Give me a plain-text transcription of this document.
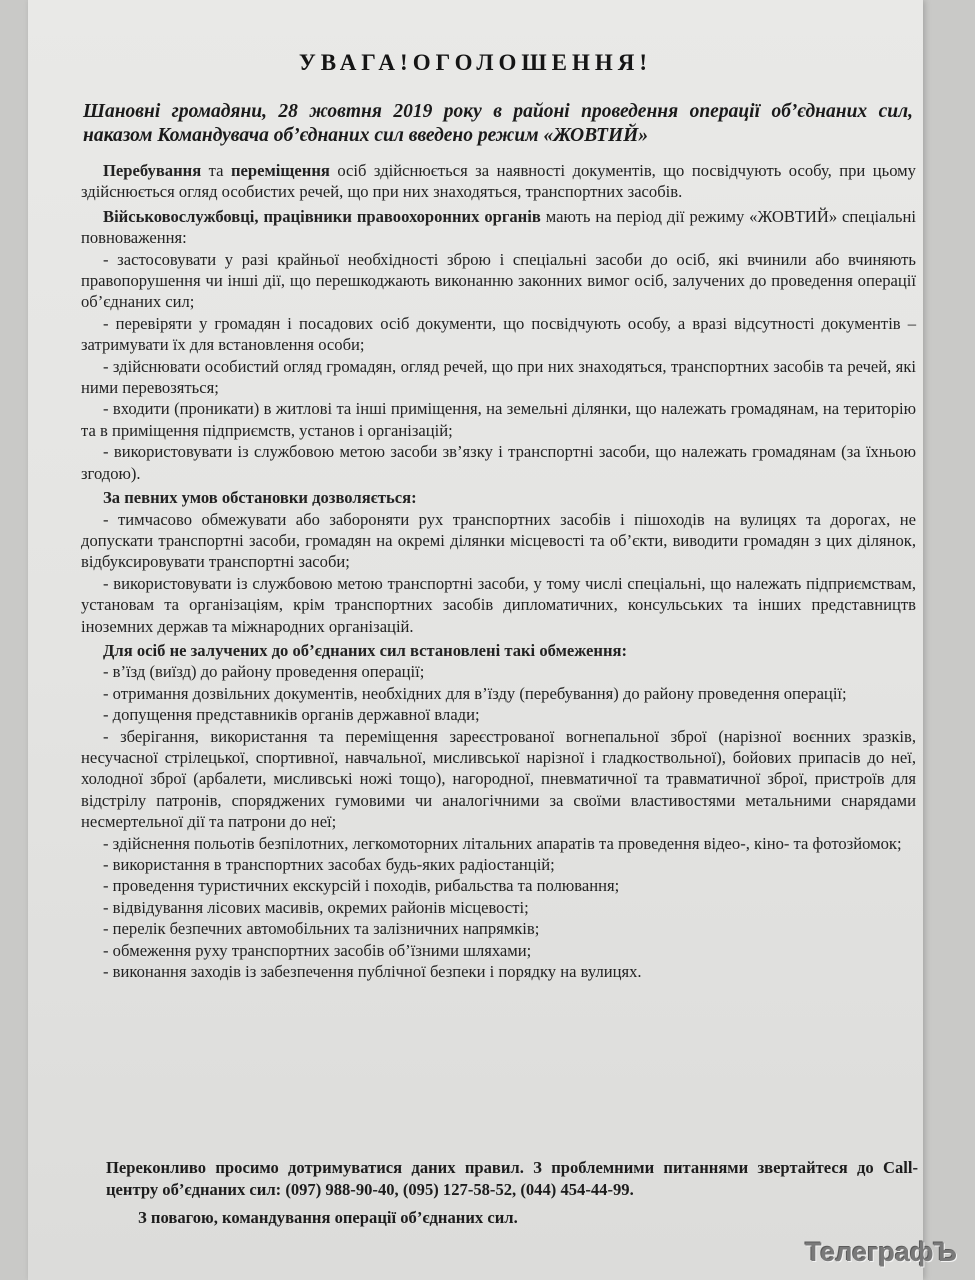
УВАГА!ОГОЛОШЕННЯ!
Шановні громадяни, 28 жовтня 2019 року в районі проведення операції об’єднаних сил, наказом Командувача об’єднаних сил введено режим «ЖОВТИЙ»

Перебування та переміщення осіб здійснюється за наявності документів, що посвідчують особу, при цьому здійснюється огляд особистих речей, що при них знаходяться, транспортних засобів.

Військовослужбовці, працівники правоохоронних органів мають на період дії режиму «ЖОВТИЙ» спеціальні повноваження:

- застосовувати у разі крайньої необхідності зброю і спеціальні засоби до осіб, які вчинили або вчиняють правопорушення чи інші дії, що перешкоджають виконанню законних вимог осіб, залучених до проведення операції об’єднаних сил;

- перевіряти у громадян і посадових осіб документи, що посвідчують особу, а вразі відсутності документів – затримувати їх для встановлення особи;

- здійснювати особистий огляд громадян, огляд речей, що при них знаходяться, транспортних засобів та речей, які ними перевозяться;

- входити (проникати) в житлові та інші приміщення, на земельні ділянки, що належать громадянам, на територію та в приміщення підприємств, установ і організацій;

- використовувати із службовою метою засоби зв’язку і транспортні засоби, що належать громадянам (за їхньою згодою).

За певних умов обстановки дозволяється:

- тимчасово обмежувати або забороняти рух транспортних засобів і пішоходів на вулицях та дорогах, не допускати транспортні засоби, громадян на окремі ділянки місцевості та об’єкти, виводити громадян з цих ділянок, відбуксировувати транспортні засоби;

- використовувати із службовою метою транспортні засоби, у тому числі спеціальні, що належать підприємствам, установам та організаціям, крім транспортних засобів дипломатичних, консульських та інших представництв іноземних держав та міжнародних організацій.

Для осіб не залучених до об’єднаних сил встановлені такі обмеження:

- в’їзд (виїзд) до району проведення операції;

- отримання дозвільних документів, необхідних для в’їзду (перебування) до району проведення операції;

- допущення представників органів державної влади;

- зберігання, використання та переміщення зареєстрованої вогнепальної зброї (нарізної воєнних зразків, несучасної стрілецької, спортивної, навчальної, мисливської нарізної і гладкоствольної), бойових припасів до неї, холодної зброї (арбалети, мисливські ножі тощо), нагородної, пневматичної та травматичної зброї, пристроїв для відстрілу патронів, споряджених гумовими чи аналогічними за своїми властивостями метальними снарядами несмертельної дії та патрони до неї;

- здійснення польотів безпілотних, легкомоторних літальних апаратів та проведення відео-, кіно- та фотозйомок;

- використання в транспортних засобах будь-яких радіостанцій;

- проведення туристичних екскурсій і походів, рибальства та полювання;

- відвідування лісових масивів, окремих районів місцевості;

- перелік безпечних автомобільних та залізничних напрямків;

- обмеження руху транспортних засобів об’їзними шляхами;

- виконання заходів із забезпечення публічної безпеки і порядку на вулицях.

Переконливо просимо дотримуватися даних правил. З проблемними питаннями звертайтеся до Call-центру об’єднаних сил: (097) 988-90-40, (095) 127-58-52, (044) 454-44-99.

З повагою, командування операції об’єднаних сил.
ТелеграфЪ
